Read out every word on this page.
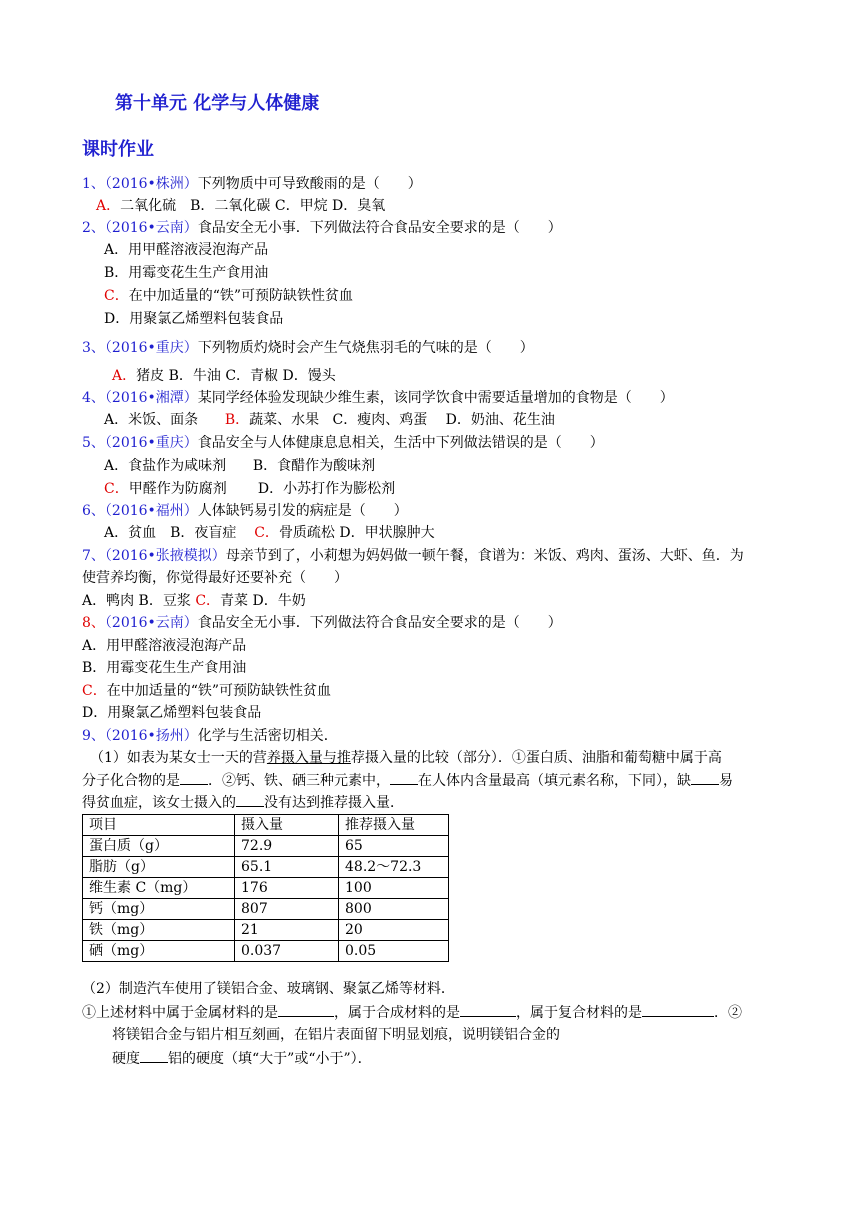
第十单元 化学与人体健康
课时作业
1、（2016•株洲）下列物质中可导致酸雨的是（　　）
A．二氧化硫　B．二氧化碳 C．甲烷 D．臭氧
2、（2016•云南）食品安全无小事．下列做法符合食品安全要求的是（　　）
A．用甲醛溶液浸泡海产品
B．用霉变花生生产食用油
C．在中加适量的“铁”可预防缺铁性贫血
D．用聚氯乙烯塑料包装食品
3、（2016•重庆）下列物质灼烧时会产生气烧焦羽毛的气味的是（　　）
A．猪皮 B．牛油 C．青椒 D．馒头
4、（2016•湘潭）某同学经体验发现缺少维生素，该同学饮食中需要适量增加的食物是（　　）
A．米饭、面条 B．蔬菜、水果 C．瘦肉、鸡蛋　 D．奶油、花生油
5、（2016•重庆）食品安全与人体健康息息相关，生活中下列做法错误的是（　　）
A．食盐作为咸味剂 B．食醋作为酸味剂
C．甲醛作为防腐剂 D．小苏打作为膨松剂
6、（2016•福州）人体缺钙易引发的病症是（　　）
A．贫血　B．夜盲症 C．骨质疏松 D．甲状腺肿大
7、（2016•张掖模拟）母亲节到了，小莉想为妈妈做一顿午餐，食谱为：米饭、鸡肉、蛋汤、大虾、鱼．为
使营养均衡，你觉得最好还要补充（　　）
A．鸭肉 B．豆浆 C．青菜 D．牛奶
8、（2016•云南）食品安全无小事．下列做法符合食品安全要求的是（　　）
A．用甲醛溶液浸泡海产品
B．用霉变花生生产食用油
C．在中加适量的“铁”可预防缺铁性贫血
D．用聚氯乙烯塑料包装食品
9、（2016•扬州）化学与生活密切相关．
（1）如表为某女士一天的营养摄入量与推荐摄入量的比较（部分）．①蛋白质、油脂和葡萄糖中属于高
分子化合物的是 ．②钙、铁、硒三种元素中， 在人体内含量最高（填元素名称，下同），缺 易
得贫血症，该女士摄入的 没有达到推荐摄入量．
项目	摄入量	推荐摄入量
蛋白质（g）	72.9	65
脂肪（g）	65.1	48.2～72.3
维生素 C（mg）	176	100
钙（mg）	807	800
铁（mg）	21	20
硒（mg）	0.037	0.05
（2）制造汽车使用了镁铝合金、玻璃钢、聚氯乙烯等材料．
①上述材料中属于金属材料的是	，属于合成材料的是	，属于复合材料的是	．②
将镁铝合金与铝片相互刻画，在铝片表面留下明显划痕，说明镁铝合金的
硬度 铝的硬度（填“大于”或“小于”）．
